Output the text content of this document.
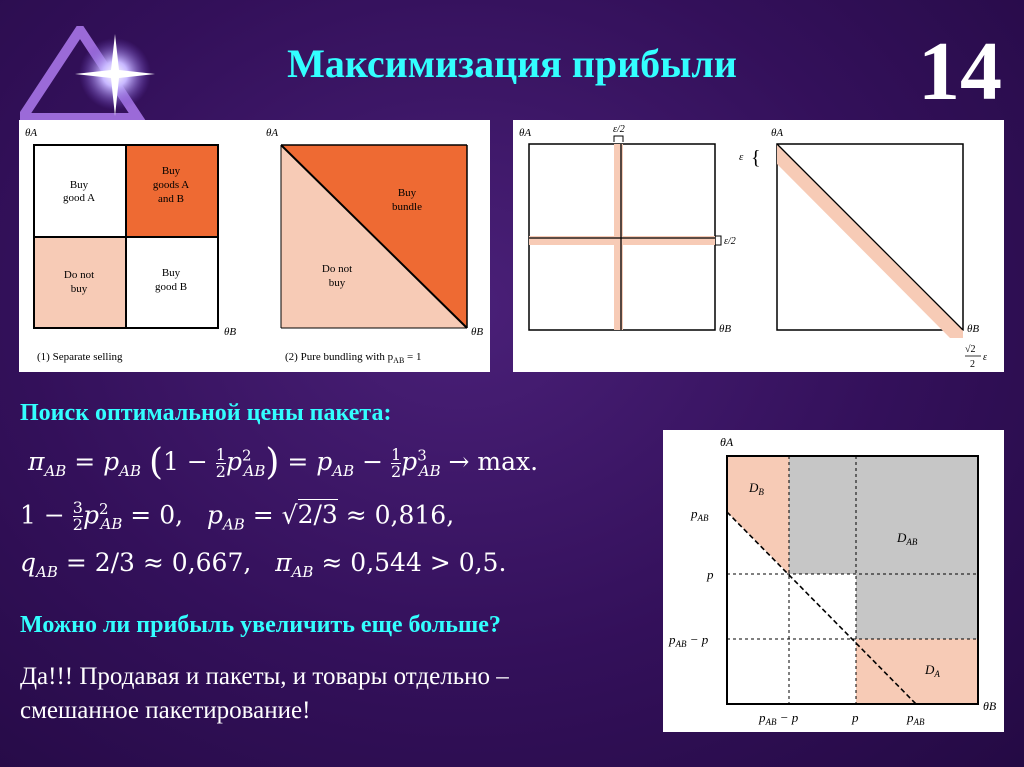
Максимизация прибыли	14
θA
θB
Buy good A
Buy goods A and B
Do not buy
Buy good B
(1) Separate selling
θA
θB
Buy bundle
Do not buy
(2) Pure bundling with $p_{AB} = 1$
θA	ε/2
ε/2
θB
θA
ε {
θB
√2
2
ε
Поиск оптимальной цены пакета:
$\pi_{AB} = p_{AB}$ $(1 - \frac{1}{2} p^2_{AB}) = p_{AB} - \frac{1}{2} p^3_{AB} \to \max$.
$1 - \frac{3}{2} p^2_{AB} = 0$,   $p_{AB} = √2/3 \approx 0,816$,
$q_{AB} = 2/3 \approx 0,667$,   $\pi_{AB} \approx 0,544 > 0,5$.
Можно ли прибыль увеличить еще больше?
Да!!! Продавая и пакеты, и товары отдельно –
смешанное пакетирование!
θA
$D_B$
$D_{AB}$
$D_A$
$p_{AB}$
p
$p_{AB} - p$
$p_{AB} - p$	p	$p_{AB}$
θB
